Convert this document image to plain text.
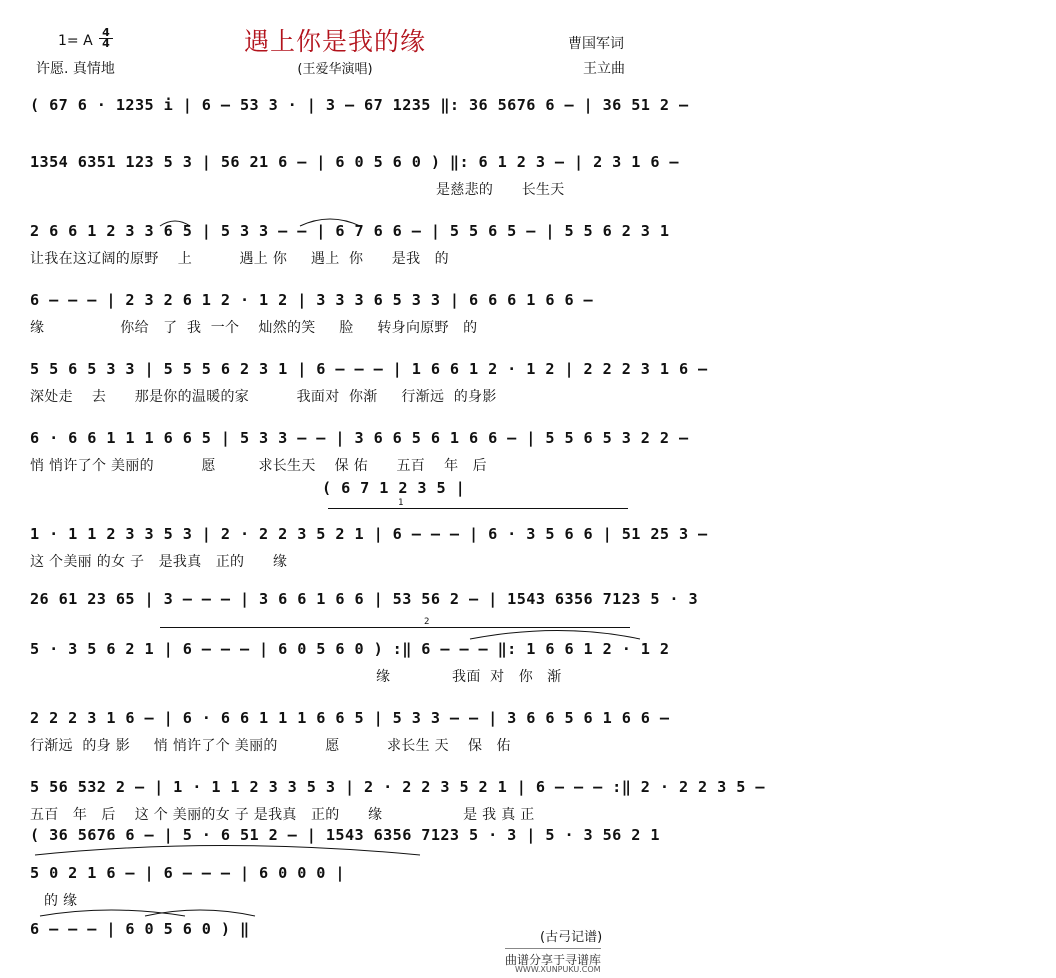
遇上你是我的缘
1= A
4
4	曹国军词
许愿. 真情地	(王爱华演唱)	王立曲
( 67 6 · 1235 i | 6 – 53 3 · | 3 – 67 1235 ‖: 36 5676 6 – | 36 51 2 –
1354 6351 123 5 3 | 56 21 6 – | 6 0 5 6 0 ) ‖: 6 1 2 3 – | 2 3 1 6 –
是慈悲的      长生天
2 6 6 1 2 3 3 6 5 | 5 3 3 – – | 6 7 6 6 – | 5 5 6 5 – | 5 5 6 2 3 1
让我在这辽阔的原野    上          遇上 你     遇上  你      是我   的
6 – – – | 2 3 2 6 1 2 · 1 2 | 3 3 3 6 5 3 3 | 6 6 6 1 6 6 –
缘                你给   了  我  一个    灿然的笑     脸     转身向原野   的
5 5 6 5 3 3 | 5 5 5 6 2 3 1 | 6 – – – | 1 6 6 1 2 · 1 2 | 2 2 2 3 1 6 –
深处走    去      那是你的温暖的家          我面对  你渐     行渐远  的身影
6 · 6 6 1 1 1 6 6 5 | 5 3 3 – – | 3 6 6 5 6 1 6 6 – | 5 5 6 5 3 2 2 –
悄 悄许了个 美丽的          愿         求长生天    保 佑      五百    年   后
( 6 7 1 2 3 5 |
1
1 · 1 1 2 3 3 5 3 | 2 · 2 2 3 5 2 1 | 6 – – – | 6 · 3 5 6 6 | 51 25 3 –
这 个美丽 的女 子   是我真   正的      缘
26 61 23 65 | 3 – – – | 3 6 6 1 6 6 | 53 56 2 – | 1543 6356 7123 5 · 3
2
5 · 3 5 6 2 1 | 6 – – – | 6 0 5 6 0 ) :‖ 6 – – – ‖: 1 6 6 1 2 · 1 2
缘             我面  对   你   渐
2 2 2 3 1 6 – | 6 · 6 6 1 1 1 6 6 5 | 5 3 3 – – | 3 6 6 5 6 1 6 6 –
行渐远  的身 影     悄 悄许了个 美丽的          愿          求长生 天    保   佑
5 56 532 2 – | 1 · 1 1 2 3 3 5 3 | 2 · 2 2 3 5 2 1 | 6 – – – :‖ 2 · 2 2 3 5 –
五百   年   后    这 个 美丽的女 子 是我真   正的      缘                 是 我 真 正
( 36 5676 6 – | 5 · 6 51 2 – | 1543 6356 7123 5 · 3 | 5 · 3 56 2 1
5 0 2 1 6 – | 6 – – – | 6 0 0 0 |
的 缘
6 – – – | 6 0 5 6 0 ) ‖	(古弓记谱)
曲谱分享于寻谱库
WWW.XUNPUKU.COM
